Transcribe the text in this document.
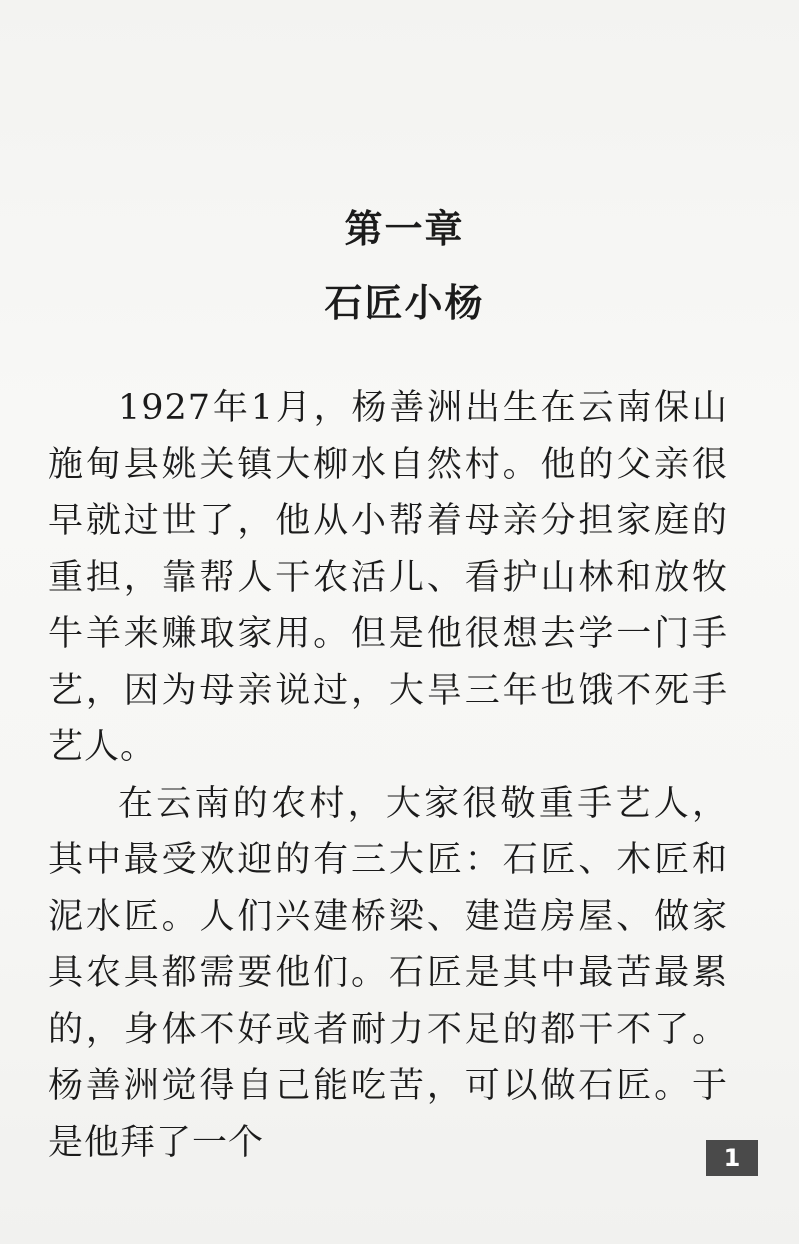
第一章
石匠小杨

1927年1月，杨善洲出生在云南保山施甸县姚关镇大柳水自然村。他的父亲很早就过世了，他从小帮着母亲分担家庭的重担，靠帮人干农活儿、看护山林和放牧牛羊来赚取家用。但是他很想去学一门手艺，因为母亲说过，大旱三年也饿不死手艺人。

在云南的农村，大家很敬重手艺人，其中最受欢迎的有三大匠：石匠、木匠和泥水匠。人们兴建桥梁、建造房屋、做家具农具都需要他们。石匠是其中最苦最累的，身体不好或者耐力不足的都干不了。杨善洲觉得自己能吃苦，可以做石匠。于是他拜了一个	1
